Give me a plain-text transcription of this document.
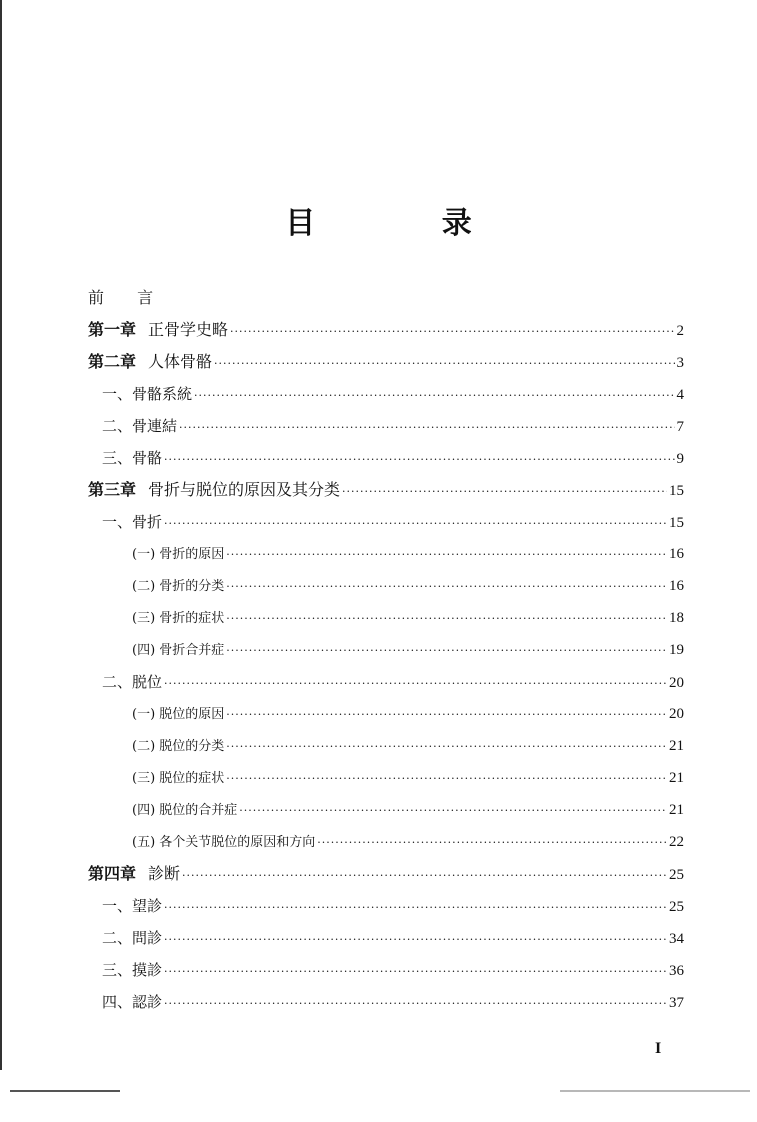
目 录
前 言
第一章 正骨学史略 ·····	2
第二章 人体骨骼 ·····	3
一、骨骼系統 ·····	4
二、骨連結 ·····	7
三、骨骼 ·····	9
第三章 骨折与脱位的原因及其分类 ·····	15
一、骨折 ·····	15
(一) 骨折的原因 ·····	16
(二) 骨折的分类 ·····	16
(三) 骨折的症状 ·····	18
(四) 骨折合并症 ·····	19
二、脱位 ·····	20
(一) 脱位的原因 ·····	20
(二) 脱位的分类 ·····	21
(三) 脱位的症状 ·····	21
(四) 脱位的合并症 ·····	21
(五) 各个关节脱位的原因和方向 ·····	22
第四章 診断 ·····	25
一、望診 ·····	25
二、問診 ·····	34
三、摸診 ·····	36
四、認診 ·····	37
I
